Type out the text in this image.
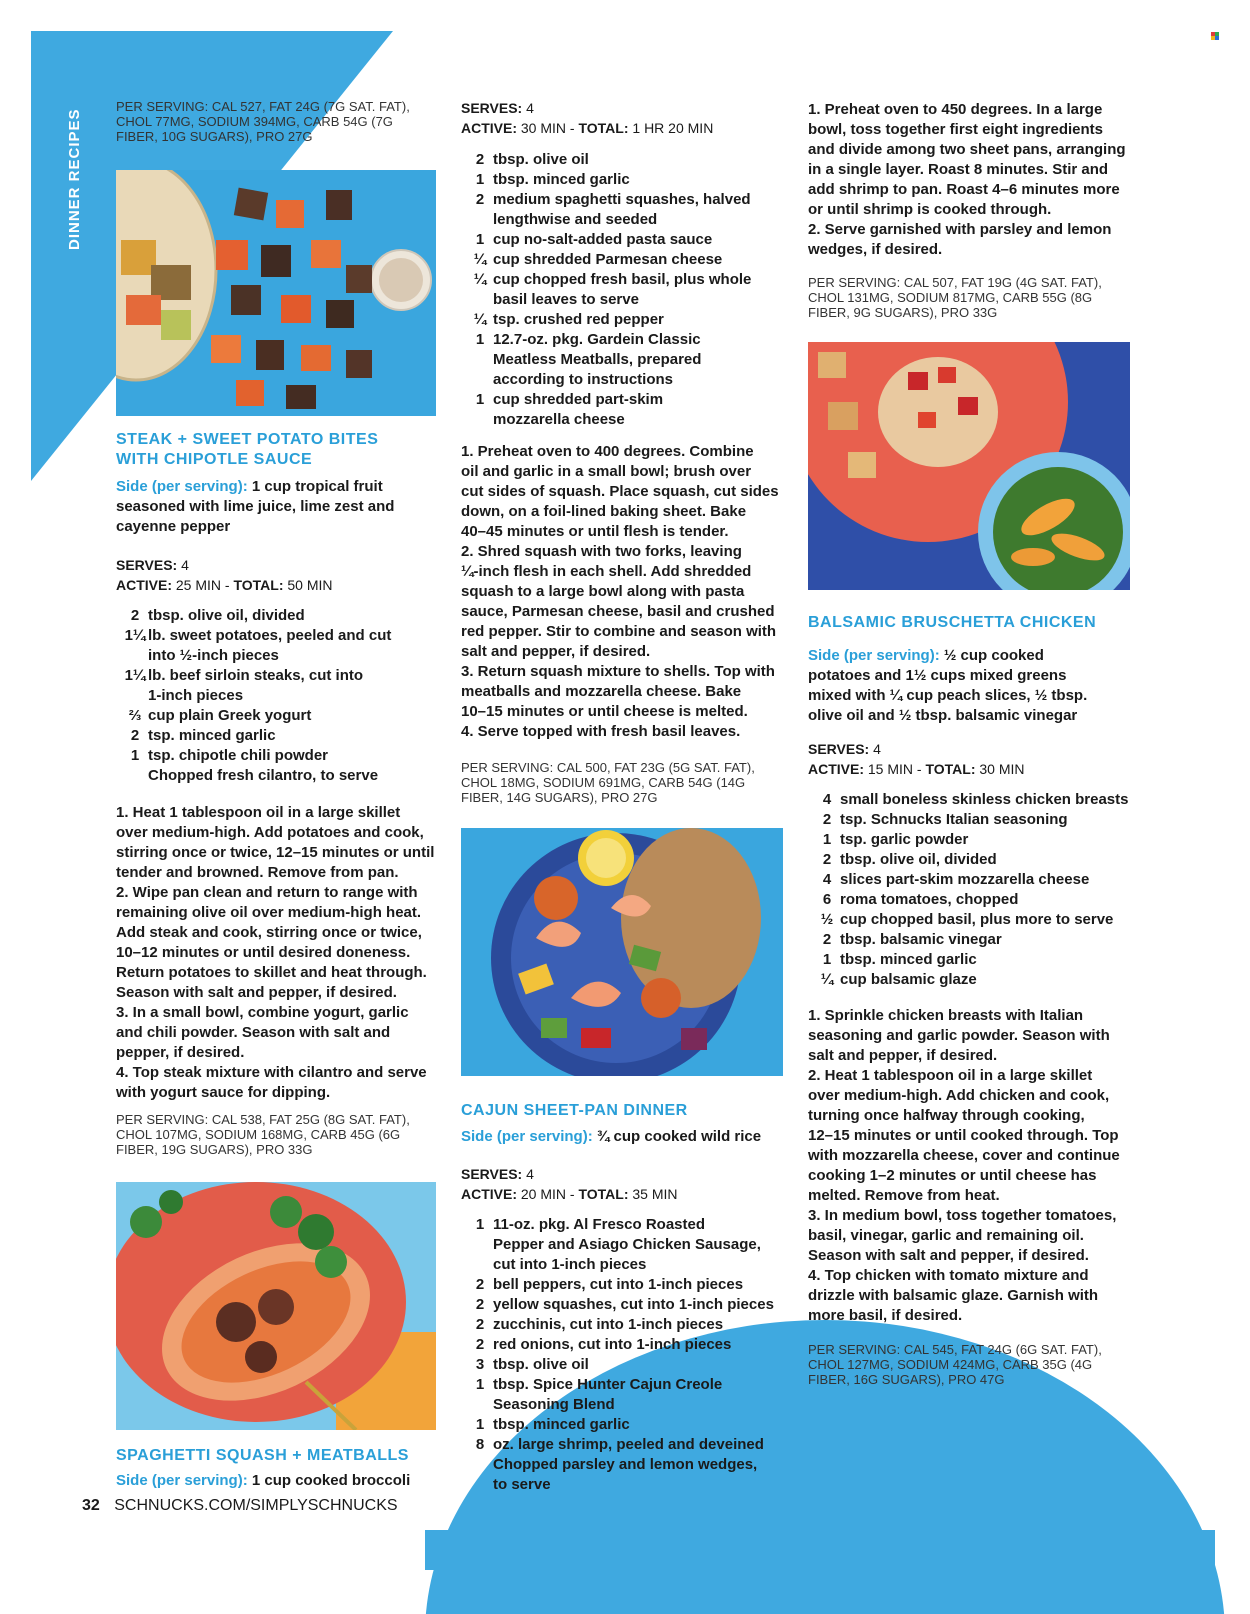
DINNER RECIPES
PER SERVING: CAL 527, FAT 24G (7G SAT. FAT),
CHOL 77MG, SODIUM 394MG, CARB 54G (7G
FIBER, 10G SUGARS), PRO 27G
STEAK + SWEET POTATO BITES
WITH CHIPOTLE SAUCE
Side (per serving): 1 cup tropical fruit
seasoned with lime juice, lime zest and
cayenne pepper
SERVES: 4
ACTIVE: 25 MIN - TOTAL: 50 MIN
2 tbsp. olive oil, divided
1¼ lb. sweet potatoes, peeled and cut
into ½-inch pieces
1¼ lb. beef sirloin steaks, cut into
1-inch pieces
⅔ cup plain Greek yogurt
2 tsp. minced garlic
1 tsp. chipotle chili powder
Chopped fresh cilantro, to serve
1. Heat 1 tablespoon oil in a large skillet
over medium-high. Add potatoes and cook,
stirring once or twice, 12–15 minutes or until
tender and browned. Remove from pan.
2. Wipe pan clean and return to range with
remaining olive oil over medium-high heat.
Add steak and cook, stirring once or twice,
10–12 minutes or until desired doneness.
Return potatoes to skillet and heat through.
Season with salt and pepper, if desired.
3. In a small bowl, combine yogurt, garlic
and chili powder. Season with salt and
pepper, if desired.
4. Top steak mixture with cilantro and serve
with yogurt sauce for dipping.
PER SERVING: CAL 538, FAT 25G (8G SAT. FAT),
CHOL 107MG, SODIUM 168MG, CARB 45G (6G
FIBER, 19G SUGARS), PRO 33G
SPAGHETTI SQUASH + MEATBALLS
Side (per serving): 1 cup cooked broccoli
32 SCHNUCKS.COM/SIMPLYSCHNUCKS
SERVES: 4
ACTIVE: 30 MIN - TOTAL: 1 HR 20 MIN
2 tbsp. olive oil
1 tbsp. minced garlic
2 medium spaghetti squashes, halved
lengthwise and seeded
1 cup no-salt-added pasta sauce
¼ cup shredded Parmesan cheese
¼ cup chopped fresh basil, plus whole
basil leaves to serve
¼ tsp. crushed red pepper
1 12.7-oz. pkg. Gardein Classic
Meatless Meatballs, prepared
according to instructions
1 cup shredded part-skim
mozzarella cheese
1. Preheat oven to 400 degrees. Combine
oil and garlic in a small bowl; brush over
cut sides of squash. Place squash, cut sides
down, on a foil-lined baking sheet. Bake
40–45 minutes or until flesh is tender.
2. Shred squash with two forks, leaving
¼-inch flesh in each shell. Add shredded
squash to a large bowl along with pasta
sauce, Parmesan cheese, basil and crushed
red pepper. Stir to combine and season with
salt and pepper, if desired.
3. Return squash mixture to shells. Top with
meatballs and mozzarella cheese. Bake
10–15 minutes or until cheese is melted.
4. Serve topped with fresh basil leaves.
PER SERVING: CAL 500, FAT 23G (5G SAT. FAT),
CHOL 18MG, SODIUM 691MG, CARB 54G (14G
FIBER, 14G SUGARS), PRO 27G
CAJUN SHEET-PAN DINNER
Side (per serving): ¾ cup cooked wild rice
SERVES: 4
ACTIVE: 20 MIN - TOTAL: 35 MIN
1 11-oz. pkg. Al Fresco Roasted
Pepper and Asiago Chicken Sausage,
cut into 1-inch pieces
2 bell peppers, cut into 1-inch pieces
2 yellow squashes, cut into 1-inch pieces
2 zucchinis, cut into 1-inch pieces
2 red onions, cut into 1-inch pieces
3 tbsp. olive oil
1 tbsp. Spice Hunter Cajun Creole
Seasoning Blend
1 tbsp. minced garlic
8 oz. large shrimp, peeled and deveined
Chopped parsley and lemon wedges,
to serve
1. Preheat oven to 450 degrees. In a large
bowl, toss together first eight ingredients
and divide among two sheet pans, arranging
in a single layer. Roast 8 minutes. Stir and
add shrimp to pan. Roast 4–6 minutes more
or until shrimp is cooked through.
2. Serve garnished with parsley and lemon
wedges, if desired.
PER SERVING: CAL 507, FAT 19G (4G SAT. FAT),
CHOL 131MG, SODIUM 817MG, CARB 55G (8G
FIBER, 9G SUGARS), PRO 33G
BALSAMIC BRUSCHETTA CHICKEN
Side (per serving): ½ cup cooked
potatoes and 1½ cups mixed greens
mixed with ¼ cup peach slices, ½ tbsp.
olive oil and ½ tbsp. balsamic vinegar
SERVES: 4
ACTIVE: 15 MIN - TOTAL: 30 MIN
4 small boneless skinless chicken breasts
2 tsp. Schnucks Italian seasoning
1 tsp. garlic powder
2 tbsp. olive oil, divided
4 slices part-skim mozzarella cheese
6 roma tomatoes, chopped
½ cup chopped basil, plus more to serve
2 tbsp. balsamic vinegar
1 tbsp. minced garlic
¼ cup balsamic glaze
1. Sprinkle chicken breasts with Italian
seasoning and garlic powder. Season with
salt and pepper, if desired.
2. Heat 1 tablespoon oil in a large skillet
over medium-high. Add chicken and cook,
turning once halfway through cooking,
12–15 minutes or until cooked through. Top
with mozzarella cheese, cover and continue
cooking 1–2 minutes or until cheese has
melted. Remove from heat.
3. In medium bowl, toss together tomatoes,
basil, vinegar, garlic and remaining oil.
Season with salt and pepper, if desired.
4. Top chicken with tomato mixture and
drizzle with balsamic glaze. Garnish with
more basil, if desired.
PER SERVING: CAL 545, FAT 24G (6G SAT. FAT),
CHOL 127MG, SODIUM 424MG, CARB 35G (4G
FIBER, 16G SUGARS), PRO 47G
